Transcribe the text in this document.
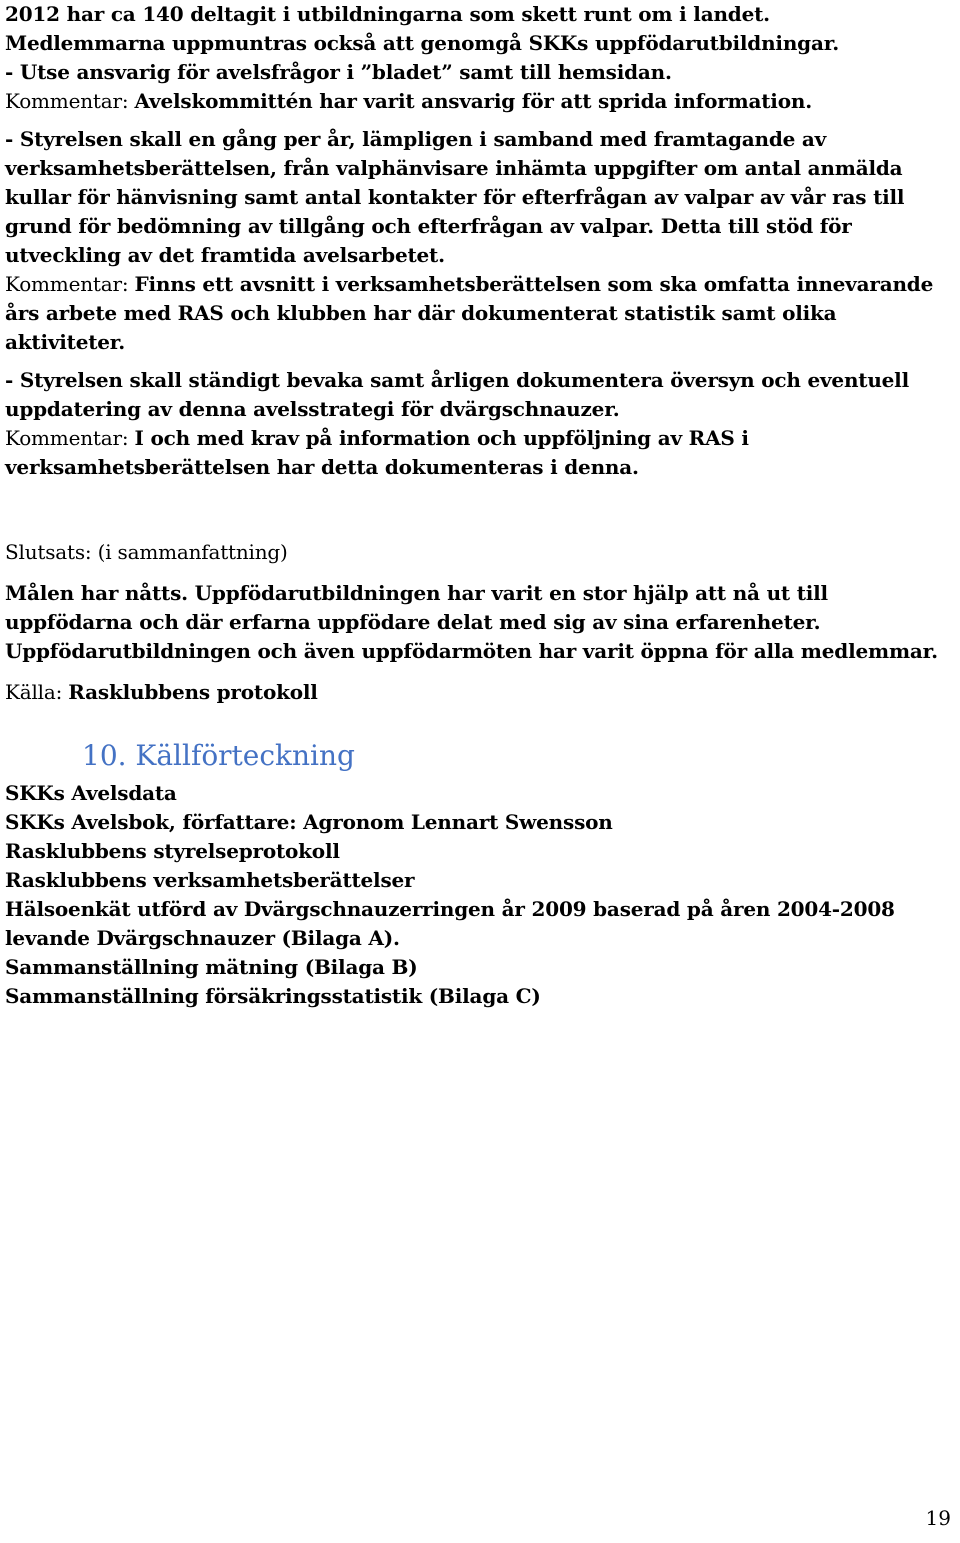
2012 har ca 140 deltagit i utbildningarna som skett runt om i landet.

Medlemmarna uppmuntras också att genomgå SKKs uppfödarutbildningar.

- Utse ansvarig för avelsfrågor i ”bladet” samt till hemsidan.

Kommentar: Avelskommittén har varit ansvarig för att sprida information.

- Styrelsen skall en gång per år, lämpligen i samband med framtagande av verksamhetsberättelsen, från valphänvisare inhämta uppgifter om antal anmälda kullar för hänvisning samt antal kontakter för efterfrågan av valpar av vår ras till grund för bedömning av tillgång och efterfrågan av valpar. Detta till stöd för utveckling av det framtida avelsarbetet.

Kommentar: Finns ett avsnitt i verksamhetsberättelsen som ska omfatta innevarande års arbete med RAS och klubben har där dokumenterat statistik samt olika aktiviteter.

- Styrelsen skall ständigt bevaka samt årligen dokumentera översyn och eventuell uppdatering av denna avelsstrategi för dvärgschnauzer.

Kommentar: I och med krav på information och uppföljning av RAS i verksamhetsberättelsen har detta dokumenteras i denna.

Slutsats: (i sammanfattning)

Målen har nåtts. Uppfödarutbildningen har varit en stor hjälp att nå ut till uppfödarna och där erfarna uppfödare delat med sig av sina erfarenheter. Uppfödarutbildningen och även uppfödarmöten har varit öppna för alla medlemmar.

Källa: Rasklubbens protokoll

10. Källförteckning

SKKs Avelsdata

SKKs Avelsbok, författare: Agronom Lennart Swensson

Rasklubbens styrelseprotokoll

Rasklubbens verksamhetsberättelser

Hälsoenkät utförd av Dvärgschnauzerringen år 2009 baserad på åren 2004-2008 levande Dvärgschnauzer (Bilaga A).

Sammanställning mätning (Bilaga B)

Sammanställning försäkringsstatistik (Bilaga C)

19
